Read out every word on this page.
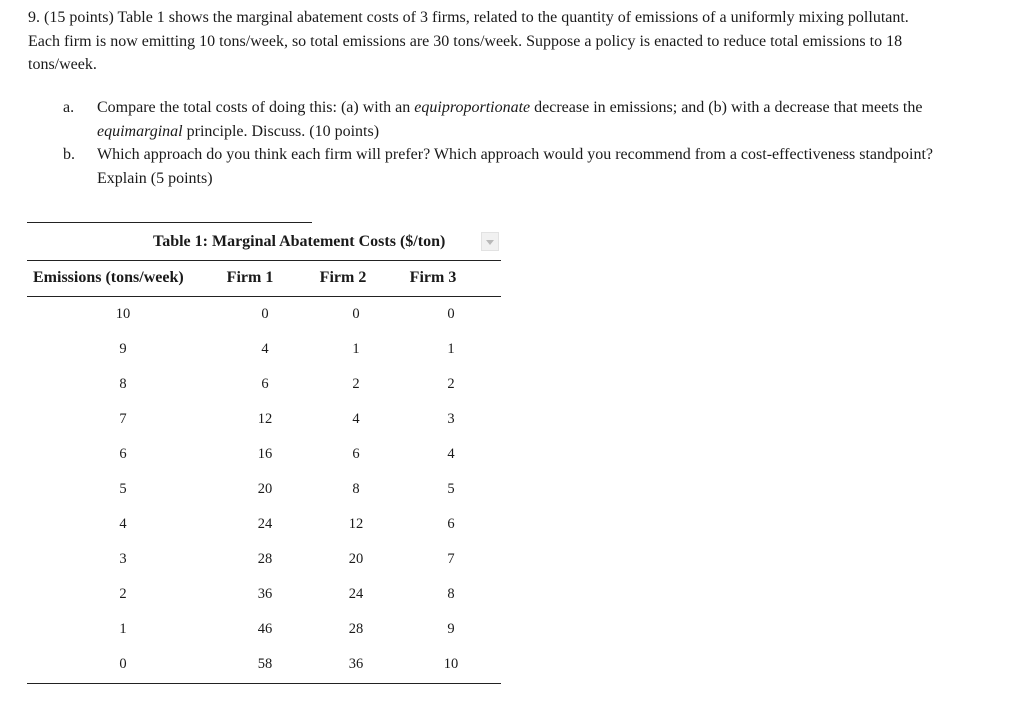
9. (15 points) Table 1 shows the marginal abatement costs of 3 firms, related to the quantity of emissions of a uniformly mixing pollutant. Each firm is now emitting 10 tons/week, so total emissions are 30 tons/week. Suppose a policy is enacted to reduce total emissions to 18 tons/week.
a.	Compare the total costs of doing this: (a) with an equiproportionate decrease in emissions; and (b) with a decrease that meets the equimarginal principle. Discuss. (10 points)
b.	Which approach do you think each firm will prefer? Which approach would you recommend from a cost-effectiveness standpoint? Explain (5 points)
Table 1: Marginal Abatement Costs ($/ton)
Emissions (tons/week)	Firm 1	Firm 2	Firm 3
10	0	0	0
9	4	1	1
8	6	2	2
7	12	4	3
6	16	6	4
5	20	8	5
4	24	12	6
3	28	20	7
2	36	24	8
1	46	28	9
0	58	36	10
